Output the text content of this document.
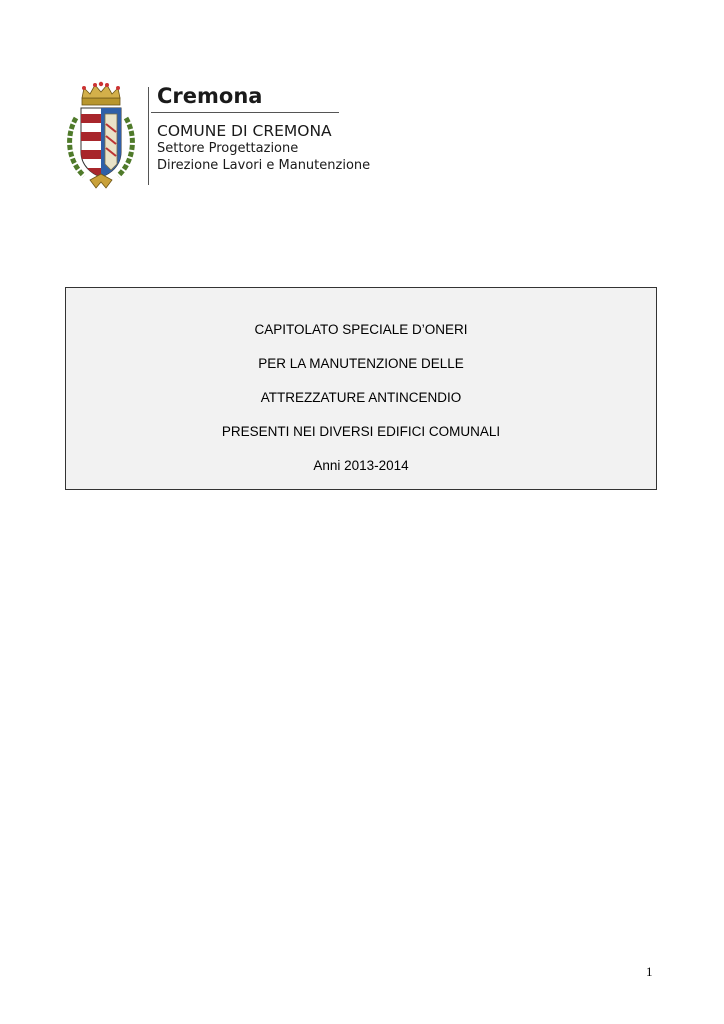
Cremona
COMUNE DI CREMONA
Settore Progettazione
Direzione Lavori e Manutenzione
CAPITOLATO SPECIALE D’ONERI
PER LA MANUTENZIONE DELLE
ATTREZZATURE ANTINCENDIO
PRESENTI NEI DIVERSI EDIFICI COMUNALI
Anni 2013-2014
1
